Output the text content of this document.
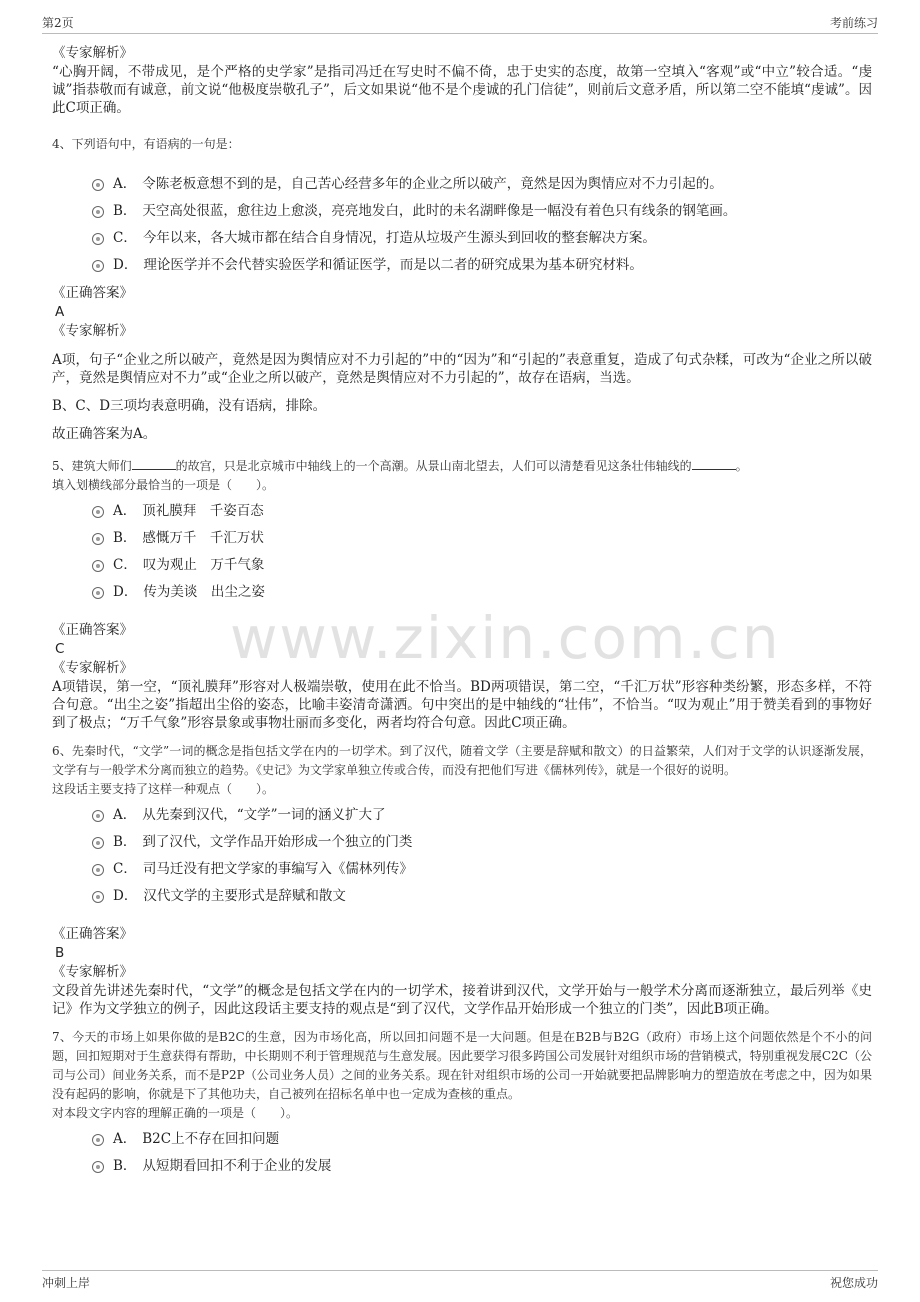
第2页	考前练习
www.zixin.com.cn
《专家解析》
“心胸开阔，不带成见，是个严格的史学家”是指司冯迁在写史时不偏不倚，忠于史实的态度，故第一空填入“客观”或“中立”较合适。“虔诚”指恭敬而有诚意，前文说“他极度崇敬孔子”，后文如果说“他不是个虔诚的孔门信徒”，则前后文意矛盾，所以第二空不能填“虔诚”。因此C项正确。
4、下列语句中，有语病的一句是：
A． 令陈老板意想不到的是，自己苦心经营多年的企业之所以破产，竟然是因为舆情应对不力引起的。
B． 天空高处很蓝，愈往边上愈淡，亮亮地发白，此时的未名湖畔像是一幅没有着色只有线条的钢笔画。
C． 今年以来，各大城市都在结合自身情况，打造从垃圾产生源头到回收的整套解决方案。
D． 理论医学并不会代替实验医学和循证医学，而是以二者的研究成果为基本研究材料。
《正确答案》
A
《专家解析》
A项，句子“企业之所以破产，竟然是因为舆情应对不力引起的”中的“因为”和“引起的”表意重复，造成了句式杂糅，可改为“企业之所以破产，竟然是舆情应对不力”或“企业之所以破产，竟然是舆情应对不力引起的”，故存在语病，当选。
B、C、D三项均表意明确，没有语病，排除。
故正确答案为A。
5、建筑大师们	的故宫，只是北京城市中轴线上的一个高潮。从景山南北望去，人们可以清楚看见这条壮伟轴线的	。
填入划横线部分最恰当的一项是（　　）。
A． 顶礼膜拜　千姿百态
B． 感慨万千　千汇万状
C． 叹为观止　万千气象
D． 传为美谈　出尘之姿
《正确答案》
C
《专家解析》
A项错误，第一空，“顶礼膜拜”形容对人极端崇敬，使用在此不恰当。BD两项错误，第二空，“千汇万状”形容种类纷繁，形态多样，不符合句意。“出尘之姿”指超出尘俗的姿态，比喻丰姿清奇潇洒。句中突出的是中轴线的“壮伟”，不恰当。“叹为观止”用于赞美看到的事物好到了极点；“万千气象”形容景象或事物壮丽而多变化，两者均符合句意。因此C项正确。
6、先秦时代，“文学”一词的概念是指包括文学在内的一切学术。到了汉代，随着文学（主要是辞赋和散文）的日益繁荣，人们对于文学的认识逐渐发展，文学有与一般学术分离而独立的趋势。《史记》为文学家单独立传或合传，而没有把他们写进《儒林列传》，就是一个很好的说明。
这段话主要支持了这样一种观点（　　）。
A． 从先秦到汉代，“文学”一词的涵义扩大了
B． 到了汉代，文学作品开始形成一个独立的门类
C． 司马迁没有把文学家的事编写入《儒林列传》
D． 汉代文学的主要形式是辞赋和散文
《正确答案》
B
《专家解析》
文段首先讲述先秦时代，“文学”的概念是包括文学在内的一切学术，接着讲到汉代，文学开始与一般学术分离而逐渐独立，最后列举《史记》作为文学独立的例子，因此这段话主要支持的观点是“到了汉代，文学作品开始形成一个独立的门类”，因此B项正确。
7、今天的市场上如果你做的是B2C的生意，因为市场化高，所以回扣问题不是一大问题。但是在B2B与B2G（政府）市场上这个问题依然是个不小的问题，回扣短期对于生意获得有帮助，中长期则不利于管理规范与生意发展。因此要学习很多跨国公司发展针对组织市场的营销模式，特别重视发展C2C（公司与公司）间业务关系，而不是P2P（公司业务人员）之间的业务关系。现在针对组织市场的公司一开始就要把品牌影响力的塑造放在考虑之中，因为如果没有起码的影响，你就是下了其他功夫，自己被列在招标名单中也一定成为查核的重点。
对本段文字内容的理解正确的一项是（　　）。
A． B2C上不存在回扣问题
B． 从短期看回扣不利于企业的发展
冲刺上岸	祝您成功
